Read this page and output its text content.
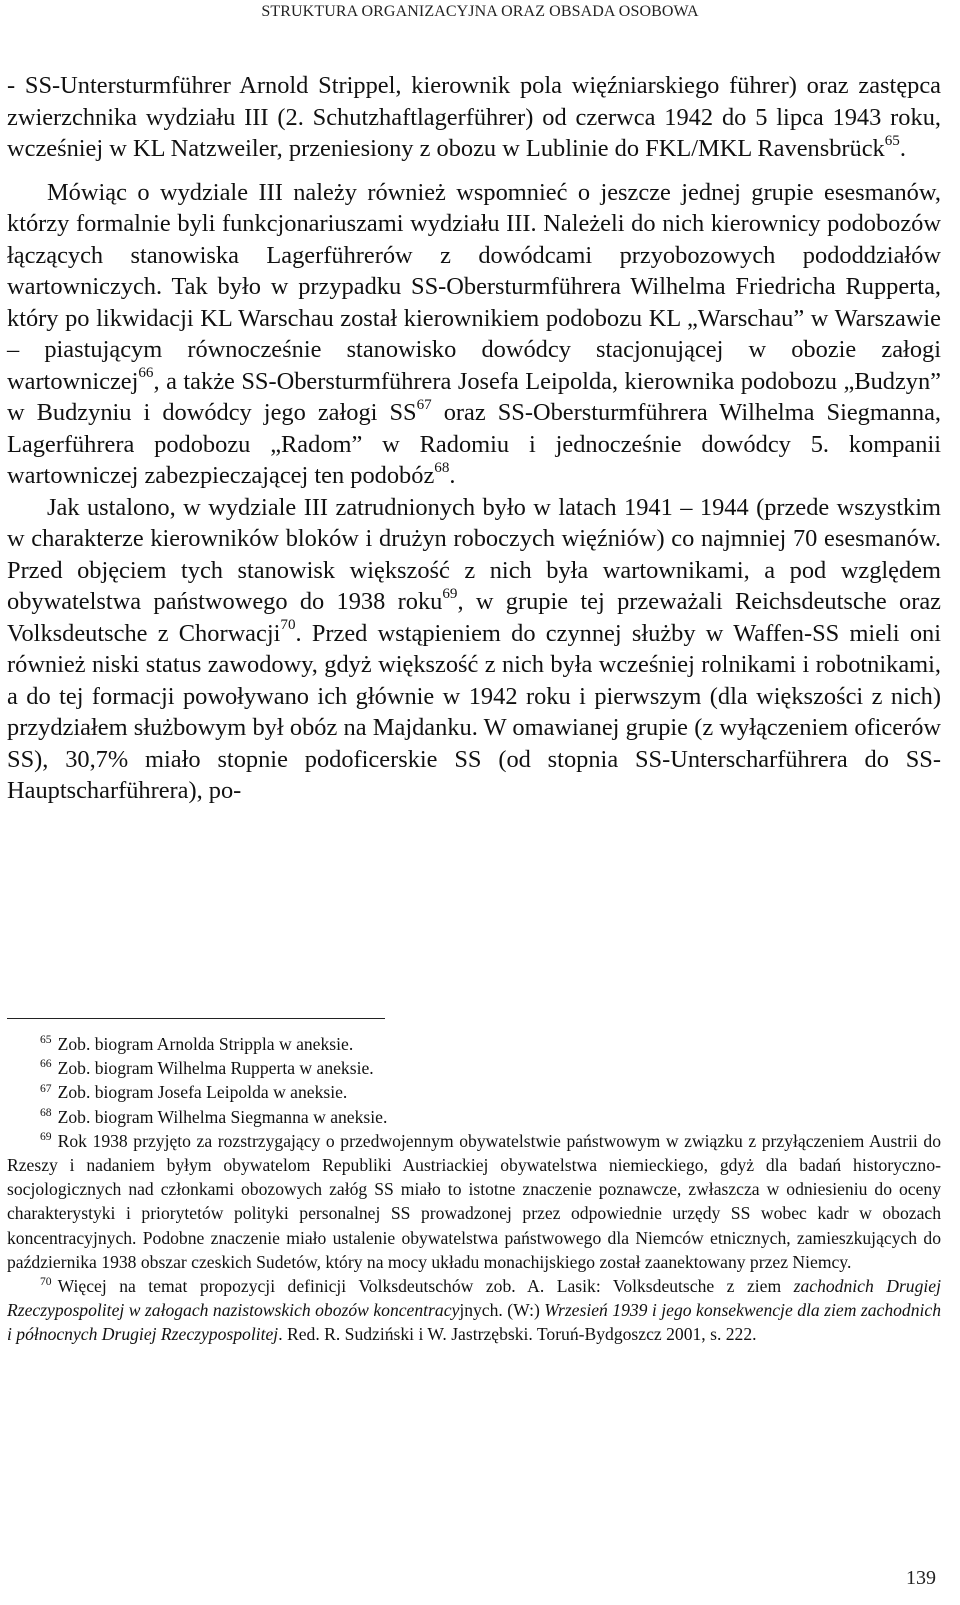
STRUKTURA ORGANIZACYJNA ORAZ OBSADA OSOBOWA

- SS-Untersturmführer Arnold Strippel, kierownik pola więźniarskiego führer) oraz zastępca zwierzchnika wydziału III (2. Schutzhaftlagerführer) od czerwca 1942 do 5 lipca 1943 roku, wcześniej w KL Natzweiler, przeniesiony z obozu w Lublinie do FKL/MKL Ravensbrück$^{65}$.

Mówiąc o wydziale III należy również wspomnieć o jeszcze jednej grupie esesmanów, którzy formalnie byli funkcjonariuszami wydziału III. Należeli do nich kierownicy podobozów łączących stanowiska Lagerführerów z dowódcami przyobozowych pododdziałów wartowniczych. Tak było w przypadku SS-Obersturmführera Wilhelma Friedricha Rupperta, który po likwidacji KL Warschau został kierownikiem podobozu KL „Warschau” w Warszawie – piastującym równocześnie stanowisko dowódcy stacjonującej w obozie załogi wartowniczej$^{66}$, a także SS-Obersturmführera Josefa Leipolda, kierownika podobozu „Budzyn” w Budzyniu i dowódcy jego załogi SS$^{67}$ oraz SS-Obersturmführera Wilhelma Siegmanna, Lagerführera podobozu „Radom” w Radomiu i jednocześnie dowódcy 5. kompanii wartowniczej zabezpieczającej ten podobóz$^{68}$.

Jak ustalono, w wydziale III zatrudnionych było w latach 1941 – 1944 (przede wszystkim w charakterze kierowników bloków i drużyn roboczych więźniów) co najmniej 70 esesmanów. Przed objęciem tych stanowisk większość z nich była wartownikami, a pod względem obywatelstwa państwowego do 1938 roku$^{69}$, w grupie tej przeważali Reichsdeutsche oraz Volksdeutsche z Chorwacji$^{70}$. Przed wstąpieniem do czynnej służby w Waffen-SS mieli oni również niski status zawodowy, gdyż większość z nich była wcześniej rolnikami i robotnikami, a do tej formacji powoływano ich głównie w 1942 roku i pierwszym (dla większości z nich) przydziałem służbowym był obóz na Majdanku. W omawianej grupie (z wyłączeniem oficerów SS), 30,7% miało stopnie podoficerskie SS (od stopnia SS-Unterscharführera do SS-Hauptscharführera), po-

$^{65}$ Zob. biogram Arnolda Strippla w aneksie.

$^{66}$ Zob. biogram Wilhelma Rupperta w aneksie.

$^{67}$ Zob. biogram Josefa Leipolda w aneksie.

$^{68}$ Zob. biogram Wilhelma Siegmanna w aneksie.

$^{69}$ Rok 1938 przyjęto za rozstrzygający o przedwojennym obywatelstwie państwowym w związku z przyłączeniem Austrii do Rzeszy i nadaniem byłym obywatelom Republiki Austriackiej obywatelstwa niemieckiego, gdyż dla badań historyczno-socjologicznych nad członkami obozowych załóg SS miało to istotne znaczenie poznawcze, zwłaszcza w odniesieniu do oceny charakterystyki i priorytetów polityki personalnej SS prowadzonej przez odpowiednie urzędy SS wobec kadr w obozach koncentracyjnych. Podobne znaczenie miało ustalenie obywatelstwa państwowego dla Niemców etnicznych, zamieszkujących do października 1938 obszar czeskich Sudetów, który na mocy układu monachijskiego został zaanektowany przez Niemcy.

$^{70}$ Więcej na temat propozycji definicji Volksdeutschów zob. A. Lasik: Volksdeutsche z ziem zachodnich Drugiej Rzeczypospolitej w załogach nazistowskich obozów koncentracyjnych. (W:) Wrzesień 1939 i jego konsekwencje dla ziem zachodnich i północnych Drugiej Rzeczypospolitej. Red. R. Sudziński i W. Jastrzębski. Toruń-Bydgoszcz 2001, s. 222.

139
